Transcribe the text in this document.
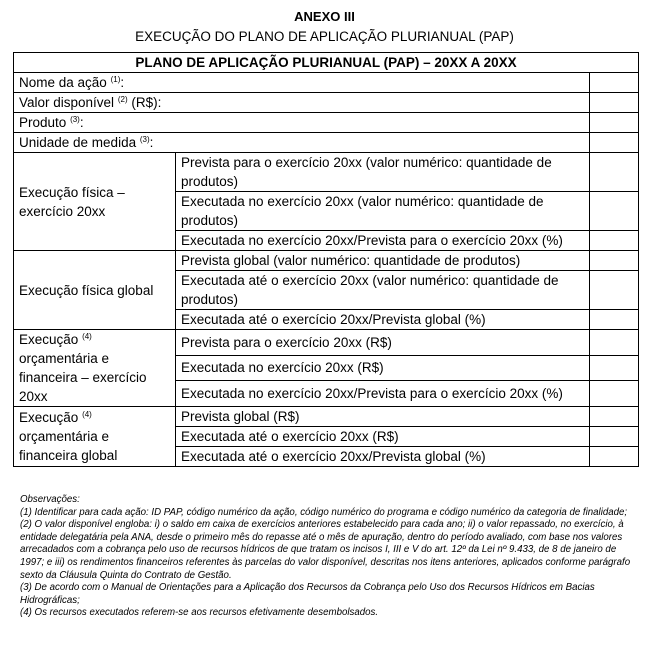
ANEXO III
EXECUÇÃO DO PLANO DE APLICAÇÃO PLURIANUAL (PAP)
PLANO DE APLICAÇÃO PLURIANUAL (PAP) – 20XX A 20XX		
Nome da ação $^{(1)}$:		
Valor disponível $^{(2)}$ (R$):		
Produto $^{(3)}$:		
Unidade de medida $^{(3)}$:		
Execução física – exercício 20xx	Prevista para o exercício 20xx (valor numérico: quantidade de produtos)	
	Executada no exercício 20xx (valor numérico: quantidade de produtos)	
	Executada no exercício 20xx/Prevista para o exercício 20xx (%)	
Execução física global	Prevista global (valor numérico: quantidade de produtos)	
	Executada até o exercício 20xx (valor numérico: quantidade de produtos)	
	Executada até o exercício 20xx/Prevista global (%)	
Execução $^{(4)}$ orçamentária e financeira – exercício 20xx	Prevista para o exercício 20xx (R$)	
	Executada no exercício 20xx (R$)	
	Executada no exercício 20xx/Prevista para o exercício 20xx (%)	
Execução $^{(4)}$ orçamentária e financeira global	Prevista global (R$)	
	Executada até o exercício 20xx (R$)	
	Executada até o exercício 20xx/Prevista global (%)	

Observações:

(1) Identificar para cada ação: ID PAP, código numérico da ação, código numérico do programa e código numérico da categoria de finalidade;

(2) O valor disponível engloba: i) o saldo em caixa de exercícios anteriores estabelecido para cada ano; ii) o valor repassado, no exercício, à entidade delegatária pela ANA, desde o primeiro mês do repasse até o mês de apuração, dentro do período avaliado, com base nos valores arrecadados com a cobrança pelo uso de recursos hídricos de que tratam os incisos I, III e V do art. 12º da Lei nº 9.433, de 8 de janeiro de 1997; e iii) os rendimentos financeiros referentes às parcelas do valor disponível, descritas nos itens anteriores, aplicados conforme parágrafo sexto da Cláusula Quinta do Contrato de Gestão.

(3) De acordo com o Manual de Orientações para a Aplicação dos Recursos da Cobrança pelo Uso dos Recursos Hídricos em Bacias Hidrográficas;

(4) Os recursos executados referem-se aos recursos efetivamente desembolsados.
